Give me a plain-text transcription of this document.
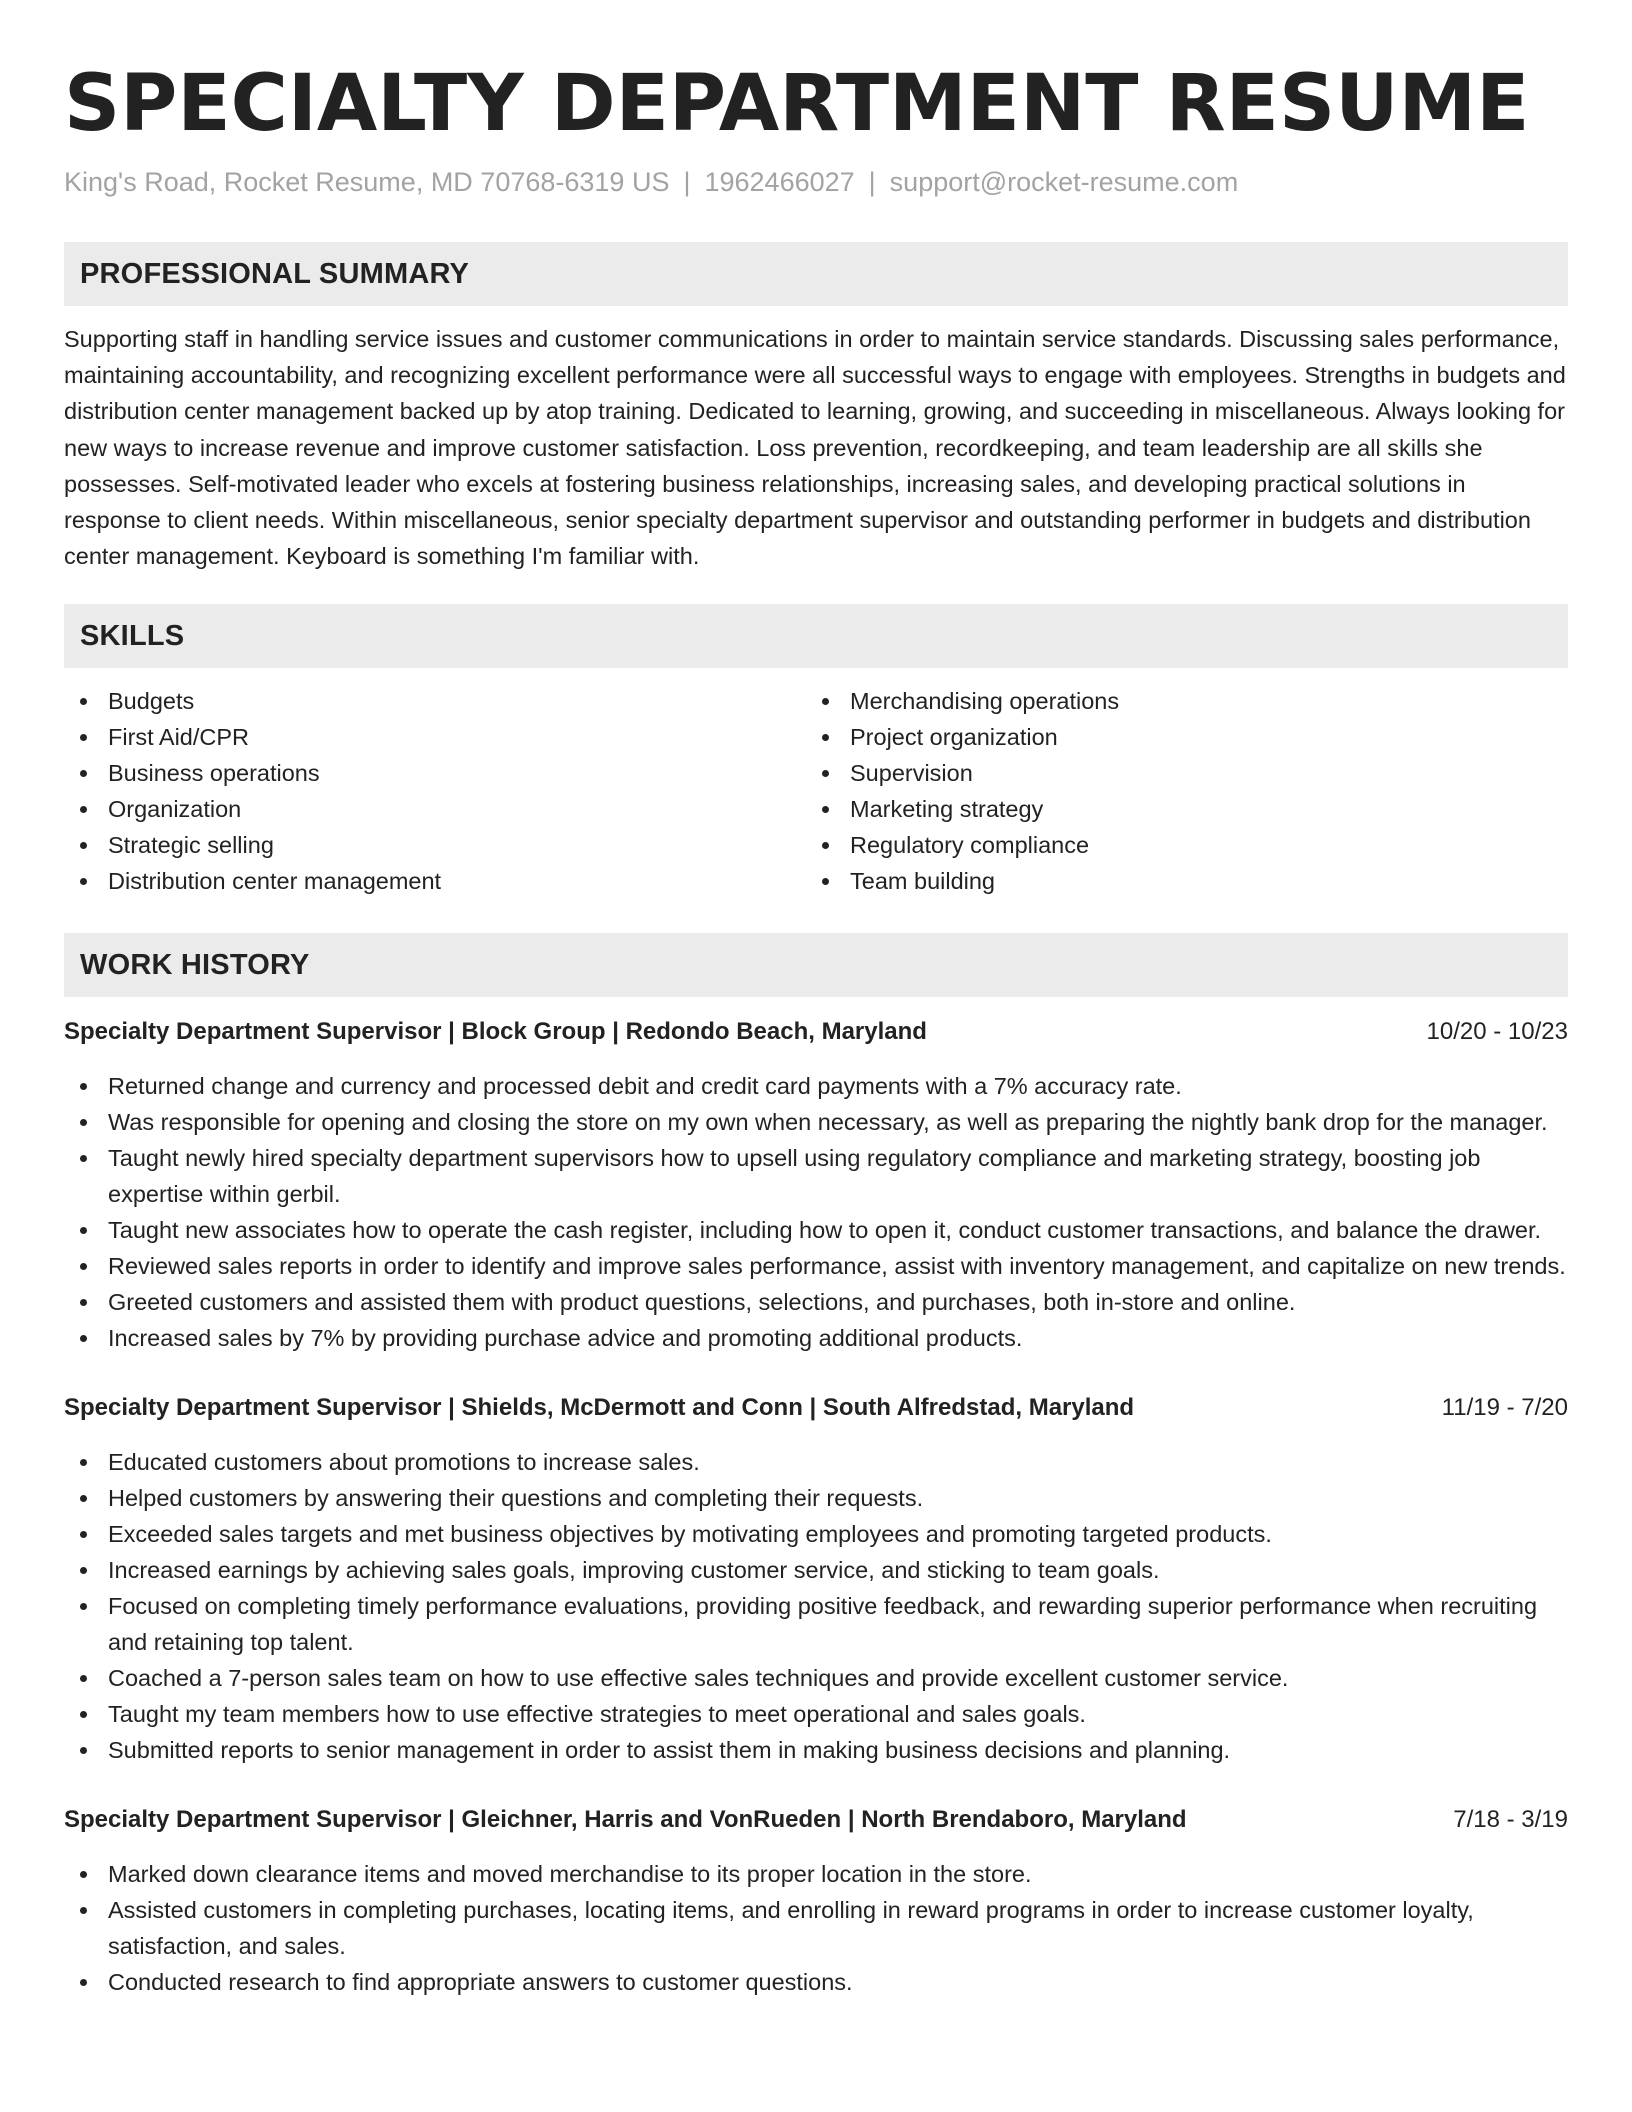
SPECIALTY DEPARTMENT RESUME
King's Road, Rocket Resume, MD 70768-6319 US | 1962466027 | support@rocket-resume.com
PROFESSIONAL SUMMARY

Supporting staff in handling service issues and customer communications in order to maintain service standards. Discussing sales performance, maintaining accountability, and recognizing excellent performance were all successful ways to engage with employees. Strengths in budgets and distribution center management backed up by atop training. Dedicated to learning, growing, and succeeding in miscellaneous. Always looking for new ways to increase revenue and improve customer satisfaction. Loss prevention, recordkeeping, and team leadership are all skills she possesses. Self-motivated leader who excels at fostering business relationships, increasing sales, and developing practical solutions in response to client needs. Within miscellaneous, senior specialty department supervisor and outstanding performer in budgets and distribution center management. Keyboard is something I'm familiar with.

SKILLS
Budgets
First Aid/CPR
Business operations
Organization
Strategic selling
Distribution center management
Merchandising operations
Project organization
Supervision
Marketing strategy
Regulatory compliance
Team building
WORK HISTORY
Specialty Department Supervisor | Block Group | Redondo Beach, Maryland	10/20 - 10/23
Returned change and currency and processed debit and credit card payments with a 7% accuracy rate.
Was responsible for opening and closing the store on my own when necessary, as well as preparing the nightly bank drop for the manager.
Taught newly hired specialty department supervisors how to upsell using regulatory compliance and marketing strategy, boosting job expertise within gerbil.
Taught new associates how to operate the cash register, including how to open it, conduct customer transactions, and balance the drawer.
Reviewed sales reports in order to identify and improve sales performance, assist with inventory management, and capitalize on new trends.
Greeted customers and assisted them with product questions, selections, and purchases, both in-store and online.
Increased sales by 7% by providing purchase advice and promoting additional products.
Specialty Department Supervisor | Shields, McDermott and Conn | South Alfredstad, Maryland	11/19 - 7/20
Educated customers about promotions to increase sales.
Helped customers by answering their questions and completing their requests.
Exceeded sales targets and met business objectives by motivating employees and promoting targeted products.
Increased earnings by achieving sales goals, improving customer service, and sticking to team goals.
Focused on completing timely performance evaluations, providing positive feedback, and rewarding superior performance when recruiting and retaining top talent.
Coached a 7-person sales team on how to use effective sales techniques and provide excellent customer service.
Taught my team members how to use effective strategies to meet operational and sales goals.
Submitted reports to senior management in order to assist them in making business decisions and planning.
Specialty Department Supervisor | Gleichner, Harris and VonRueden | North Brendaboro, Maryland	7/18 - 3/19
Marked down clearance items and moved merchandise to its proper location in the store.
Assisted customers in completing purchases, locating items, and enrolling in reward programs in order to increase customer loyalty, satisfaction, and sales.
Conducted research to find appropriate answers to customer questions.
